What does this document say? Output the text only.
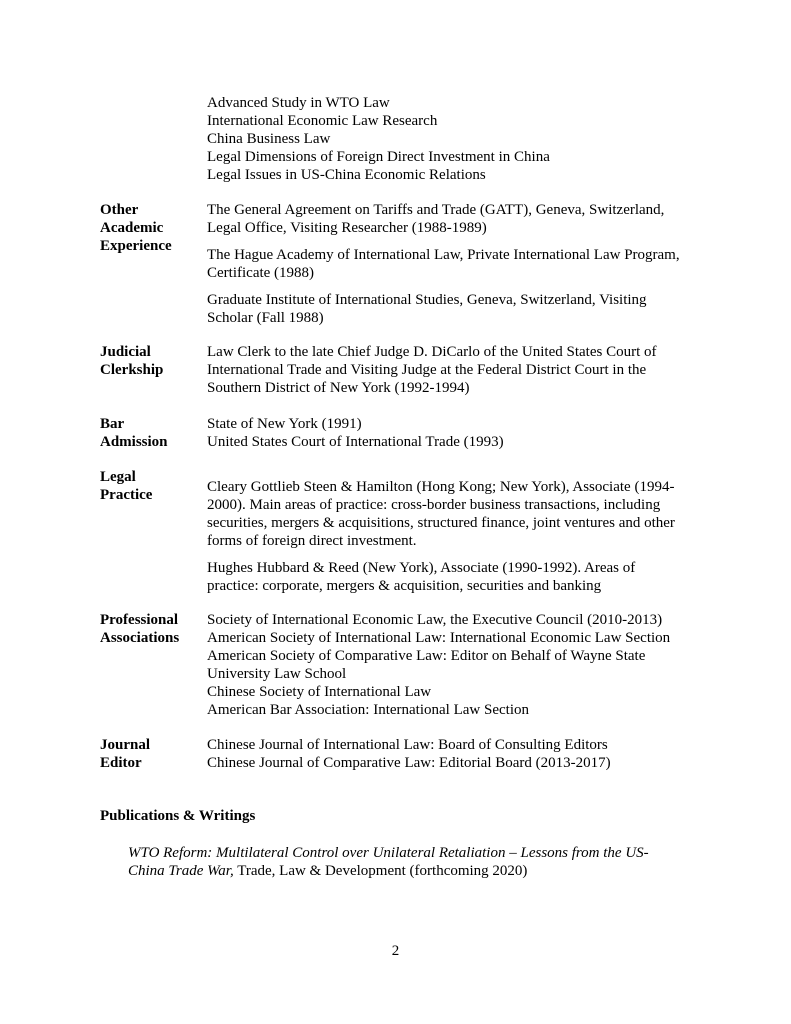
Advanced Study in WTO Law
International Economic Law Research
China Business Law
Legal Dimensions of Foreign Direct Investment in China
Legal Issues in US-China Economic Relations
Other
Academic
Experience
The General Agreement on Tariffs and Trade (GATT), Geneva, Switzerland,
Legal Office, Visiting Researcher (1988-1989)
The Hague Academy of International Law, Private International Law Program,
Certificate (1988)
Graduate Institute of International Studies, Geneva, Switzerland, Visiting
Scholar (Fall 1988)
Judicial
Clerkship
Law Clerk to the late Chief Judge D. DiCarlo of the United States Court of
International Trade and Visiting Judge at the Federal District Court in the
Southern District of New York (1992-1994)
Bar
Admission
State of New York (1991)
United States Court of International Trade (1993)
Legal
Practice	Cleary Gottlieb Steen & Hamilton (Hong Kong; New York), Associate (1994-
2000). Main areas of practice: cross-border business transactions, including
securities, mergers & acquisitions, structured finance, joint ventures and other
forms of foreign direct investment.
Hughes Hubbard & Reed (New York), Associate (1990-1992). Areas of
practice: corporate, mergers & acquisition, securities and banking
Professional
Associations
Society of International Economic Law, the Executive Council (2010-2013)
American Society of International Law: International Economic Law Section
American Society of Comparative Law: Editor on Behalf of Wayne State
University Law School
Chinese Society of International Law
American Bar Association: International Law Section
Journal
Editor
Chinese Journal of International Law: Board of Consulting Editors
Chinese Journal of Comparative Law: Editorial Board (2013-2017)
Publications & Writings
WTO Reform: Multilateral Control over Unilateral Retaliation – Lessons from the US-
China Trade War, Trade, Law & Development (forthcoming 2020)
2
